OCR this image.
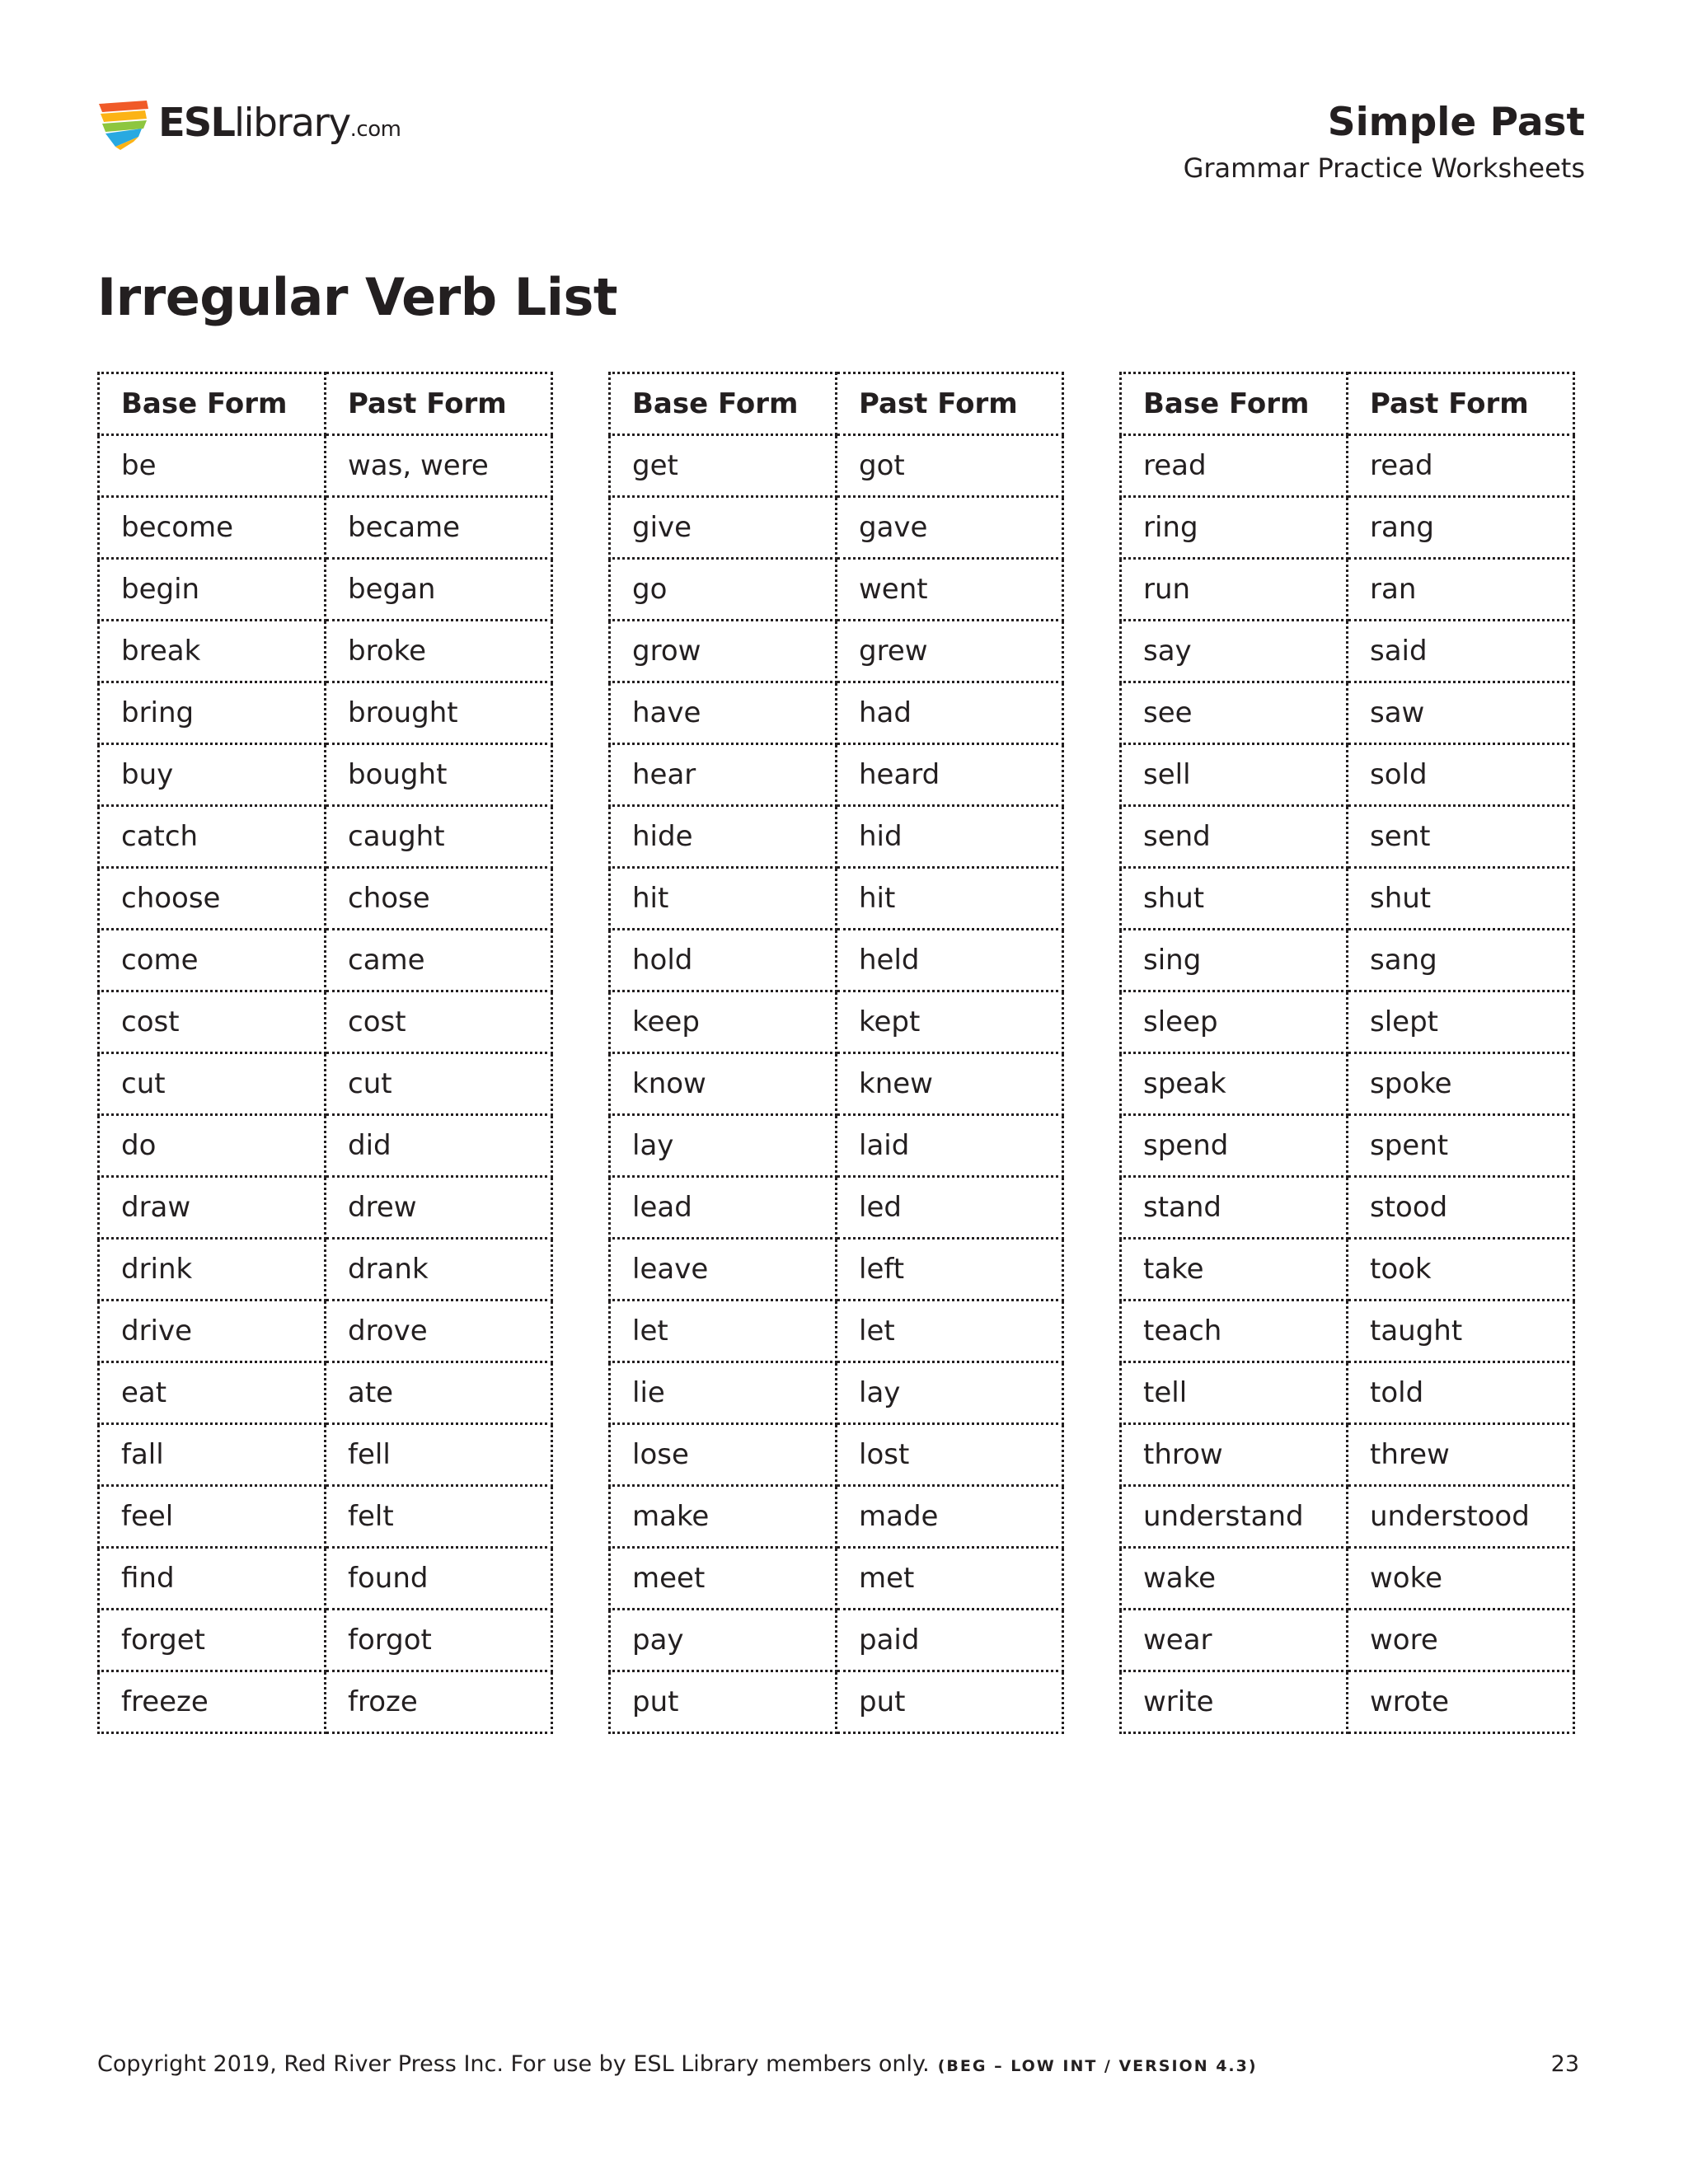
ESLlibrary.com	Simple Past
Grammar Practice Worksheets
Irregular Verb List
Base Form	Past Form
be	was, were
become	became
begin	began
break	broke
bring	brought
buy	bought
catch	caught
choose	chose
come	came
cost	cost
cut	cut
do	did
draw	drew
drink	drank
drive	drove
eat	ate
fall	fell
feel	felt
find	found
forget	forgot
freeze	froze
Base Form	Past Form
get	got
give	gave
go	went
grow	grew
have	had
hear	heard
hide	hid
hit	hit
hold	held
keep	kept
know	knew
lay	laid
lead	led
leave	left
let	let
lie	lay
lose	lost
make	made
meet	met
pay	paid
put	put
Base Form	Past Form
read	read
ring	rang
run	ran
say	said
see	saw
sell	sold
send	sent
shut	shut
sing	sang
sleep	slept
speak	spoke
spend	spent
stand	stood
take	took
teach	taught
tell	told
throw	threw
understand	understood
wake	woke
wear	wore
write	wrote
Copyright 2019, Red River Press Inc. For use by ESL Library members only. (BEG – LOW INT / VERSION 4.3)	23
